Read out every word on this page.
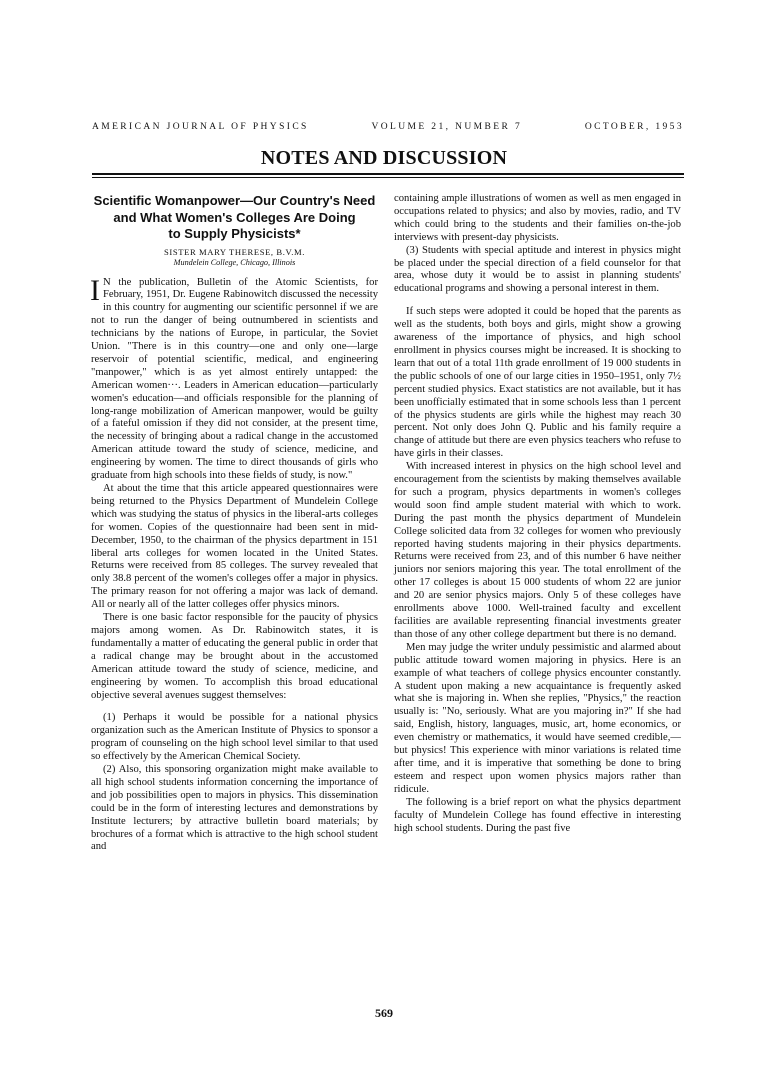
AMERICAN JOURNAL OF PHYSICS	VOLUME 21, NUMBER 7	OCTOBER, 1953
NOTES AND DISCUSSION
Scientific Womanpower—Our Country's Need
and What Women's Colleges Are Doing
to Supply Physicists*
SISTER MARY THERESE, B.V.M.
Mundelein College, Chicago, Illinois

I N the publication, Bulletin of the Atomic Scientists, for February, 1951, Dr. Eugene Rabinowitch discussed the necessity in this country for augmenting our scientific personnel if we are not to run the danger of being outnumbered in scientists and technicians by the nations of Europe, in particular, the Soviet Union. "There is in this country—one and only one—large reservoir of potential scientific, medical, and engineering "manpower," which is as yet almost entirely untapped: the American women···. Leaders in American education—particularly women's education—and officials responsible for the planning of long-range mobilization of American manpower, would be guilty of a fateful omission if they did not consider, at the present time, the necessity of bringing about a radical change in the accustomed American attitude toward the study of science, medicine, and engineering by women. The time to direct thousands of girls who graduate from high schools into these fields of study, is now."

At about the time that this article appeared questionnaires were being returned to the Physics Department of Mundelein College which was studying the status of physics in the liberal-arts colleges for women. Copies of the questionnaire had been sent in mid-December, 1950, to the chairman of the physics department in 151 liberal arts colleges for women located in the United States. Returns were received from 85 colleges. The survey revealed that only 38.8 percent of the women's colleges offer a major in physics. The primary reason for not offering a major was lack of demand. All or nearly all of the latter colleges offer physics minors.

There is one basic factor responsible for the paucity of physics majors among women. As Dr. Rabinowitch states, it is fundamentally a matter of educating the general public in order that a radical change may be brought about in the accustomed American attitude toward the study of science, medicine, and engineering by women. To accomplish this broad educational objective several avenues suggest themselves:

(1) Perhaps it would be possible for a national physics organization such as the American Institute of Physics to sponsor a program of counseling on the high school level similar to that used so effectively by the American Chemical Society.

(2) Also, this sponsoring organization might make available to all high school students information concerning the importance of and job possibilities open to majors in physics. This dissemination could be in the form of interesting lectures and demonstrations by Institute lecturers; by attractive bulletin board materials; by brochures of a format which is attractive to the high school student and

containing ample illustrations of women as well as men engaged in occupations related to physics; and also by movies, radio, and TV which could bring to the students and their families on-the-job interviews with present-day physicists.

(3) Students with special aptitude and interest in physics might be placed under the special direction of a field counselor for that area, whose duty it would be to assist in planning students' educational programs and showing a personal interest in them.

If such steps were adopted it could be hoped that the parents as well as the students, both boys and girls, might show a growing awareness of the importance of physics, and high school enrollment in physics courses might be increased. It is shocking to learn that out of a total 11th grade enrollment of 19 000 students in the public schools of one of our large cities in 1950–1951, only 7½ percent studied physics. Exact statistics are not available, but it has been unofficially estimated that in some schools less than 1 percent of the physics students are girls while the highest may reach 30 percent. Not only does John Q. Public and his family require a change of attitude but there are even physics teachers who refuse to have girls in their classes.

With increased interest in physics on the high school level and encouragement from the scientists by making themselves available for such a program, physics departments in women's colleges would soon find ample student material with which to work. During the past month the physics department of Mundelein College solicited data from 32 colleges for women who previously reported having students majoring in their physics departments. Returns were received from 23, and of this number 6 have neither juniors nor seniors majoring this year. The total enrollment of the other 17 colleges is about 15 000 students of whom 22 are junior and 20 are senior physics majors. Only 5 of these colleges have enrollments above 1000. Well-trained faculty and excellent facilities are available representing financial investments greater than those of any other college department but there is no demand.

Men may judge the writer unduly pessimistic and alarmed about public attitude toward women majoring in physics. Here is an example of what teachers of college physics encounter constantly. A student upon making a new acquaintance is frequently asked what she is majoring in. When she replies, "Physics," the reaction usually is: "No, seriously. What are you majoring in?" If she had said, English, history, languages, music, art, home economics, or even chemistry or mathematics, it would have seemed credible,—but physics! This experience with minor variations is related time after time, and it is imperative that something be done to bring esteem and respect upon women physics majors rather than ridicule.

The following is a brief report on what the physics department faculty of Mundelein College has found effective in interesting high school students. During the past five

569
